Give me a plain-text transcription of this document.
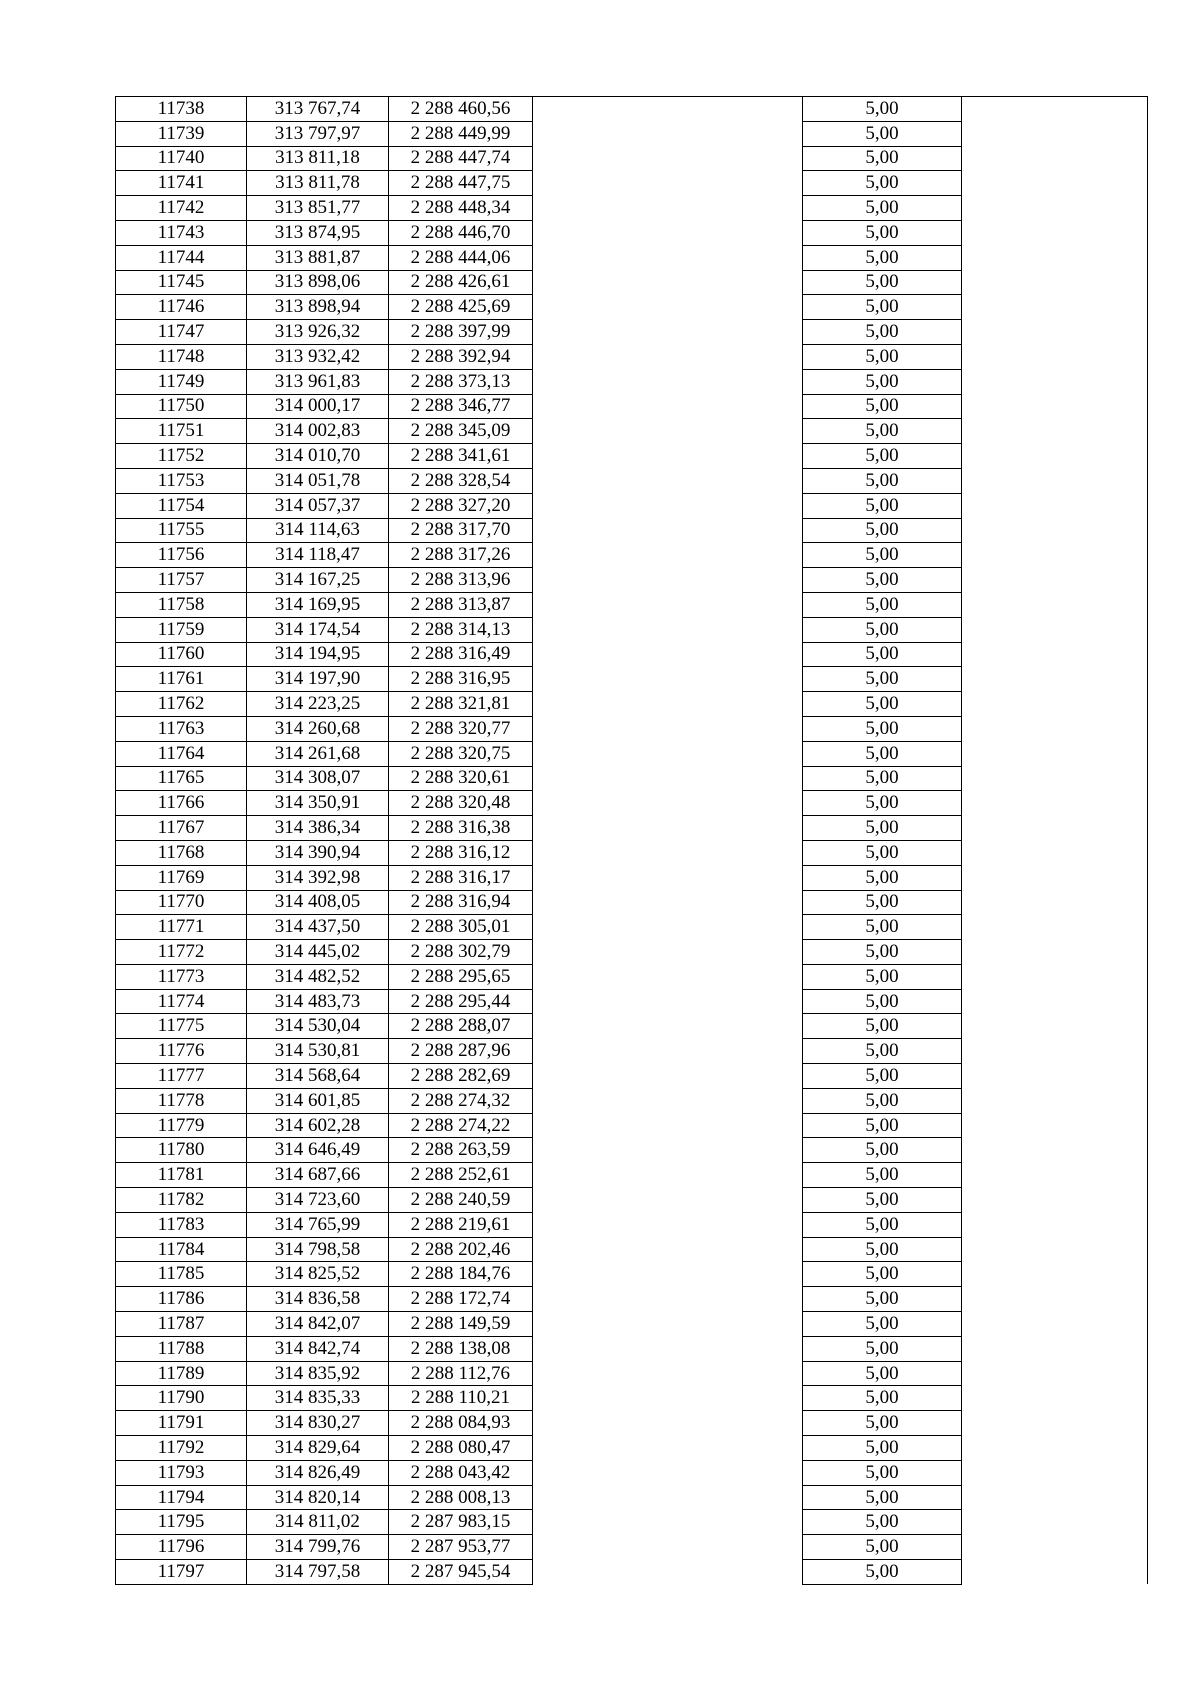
11738	313 767,74	2 288 460,56		5,00	
11739	313 797,97	2 288 449,99		5,00	
11740	313 811,18	2 288 447,74		5,00	
11741	313 811,78	2 288 447,75		5,00	
11742	313 851,77	2 288 448,34		5,00	
11743	313 874,95	2 288 446,70		5,00	
11744	313 881,87	2 288 444,06		5,00	
11745	313 898,06	2 288 426,61		5,00	
11746	313 898,94	2 288 425,69		5,00	
11747	313 926,32	2 288 397,99		5,00	
11748	313 932,42	2 288 392,94		5,00	
11749	313 961,83	2 288 373,13		5,00	
11750	314 000,17	2 288 346,77		5,00	
11751	314 002,83	2 288 345,09		5,00	
11752	314 010,70	2 288 341,61		5,00	
11753	314 051,78	2 288 328,54		5,00	
11754	314 057,37	2 288 327,20		5,00	
11755	314 114,63	2 288 317,70		5,00	
11756	314 118,47	2 288 317,26		5,00	
11757	314 167,25	2 288 313,96		5,00	
11758	314 169,95	2 288 313,87		5,00	
11759	314 174,54	2 288 314,13		5,00	
11760	314 194,95	2 288 316,49		5,00	
11761	314 197,90	2 288 316,95		5,00	
11762	314 223,25	2 288 321,81		5,00	
11763	314 260,68	2 288 320,77		5,00	
11764	314 261,68	2 288 320,75		5,00	
11765	314 308,07	2 288 320,61		5,00	
11766	314 350,91	2 288 320,48		5,00	
11767	314 386,34	2 288 316,38		5,00	
11768	314 390,94	2 288 316,12		5,00	
11769	314 392,98	2 288 316,17		5,00	
11770	314 408,05	2 288 316,94		5,00	
11771	314 437,50	2 288 305,01		5,00	
11772	314 445,02	2 288 302,79		5,00	
11773	314 482,52	2 288 295,65		5,00	
11774	314 483,73	2 288 295,44		5,00	
11775	314 530,04	2 288 288,07		5,00	
11776	314 530,81	2 288 287,96		5,00	
11777	314 568,64	2 288 282,69		5,00	
11778	314 601,85	2 288 274,32		5,00	
11779	314 602,28	2 288 274,22		5,00	
11780	314 646,49	2 288 263,59		5,00	
11781	314 687,66	2 288 252,61		5,00	
11782	314 723,60	2 288 240,59		5,00	
11783	314 765,99	2 288 219,61		5,00	
11784	314 798,58	2 288 202,46		5,00	
11785	314 825,52	2 288 184,76		5,00	
11786	314 836,58	2 288 172,74		5,00	
11787	314 842,07	2 288 149,59		5,00	
11788	314 842,74	2 288 138,08		5,00	
11789	314 835,92	2 288 112,76		5,00	
11790	314 835,33	2 288 110,21		5,00	
11791	314 830,27	2 288 084,93		5,00	
11792	314 829,64	2 288 080,47		5,00	
11793	314 826,49	2 288 043,42		5,00	
11794	314 820,14	2 288 008,13		5,00	
11795	314 811,02	2 287 983,15		5,00	
11796	314 799,76	2 287 953,77		5,00	
11797	314 797,58	2 287 945,54		5,00	
